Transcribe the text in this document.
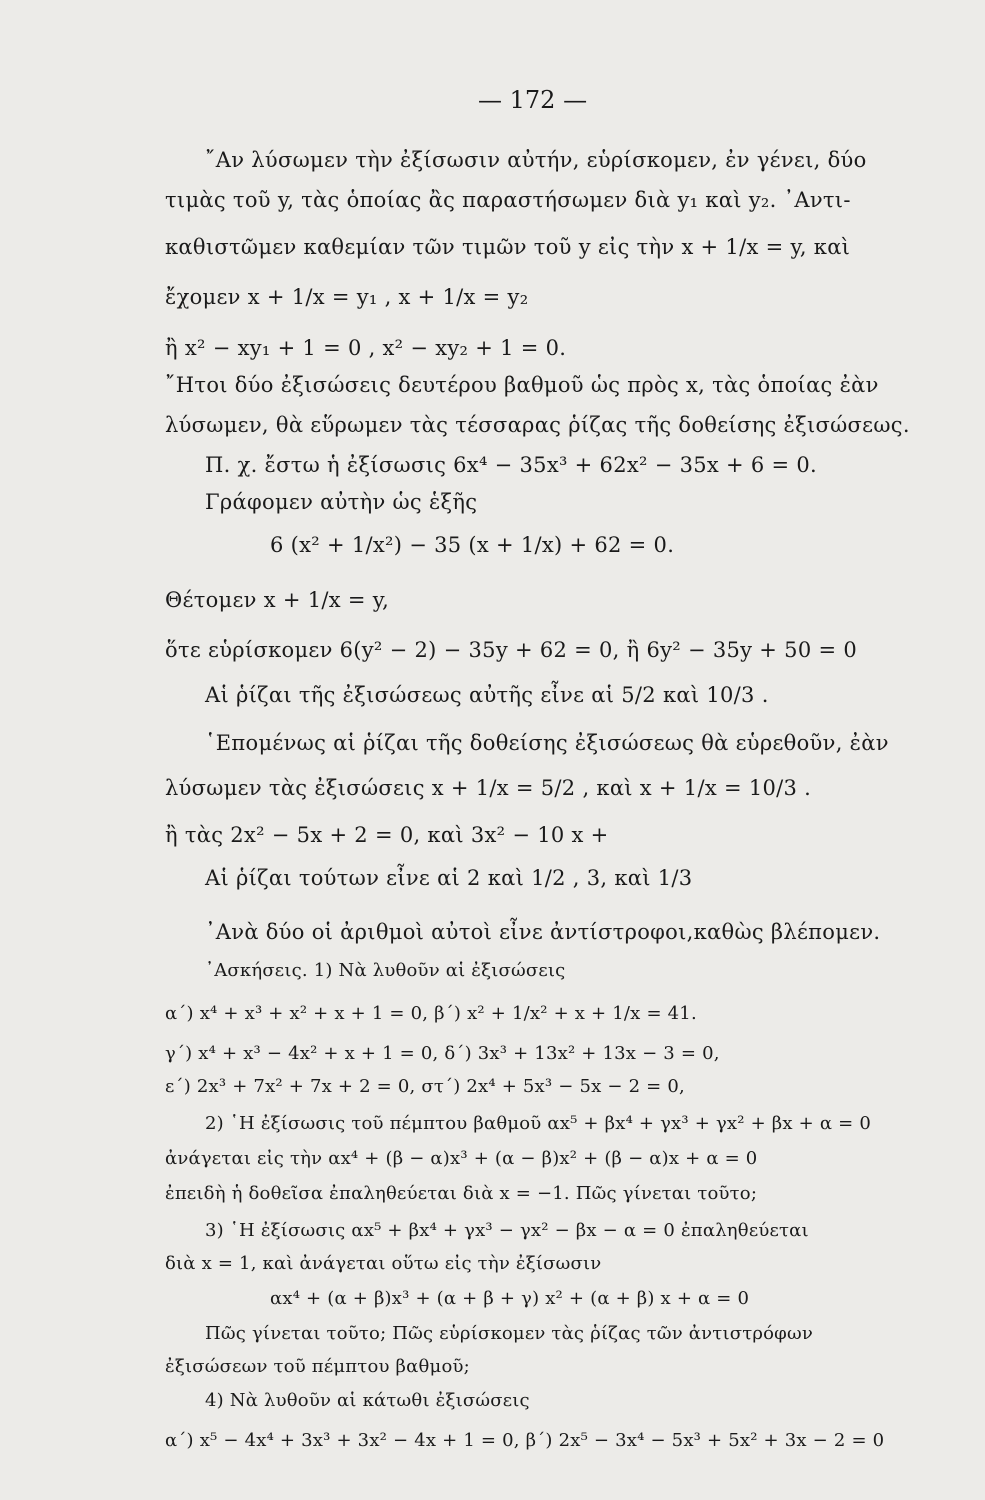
— 172 —
῎Αν λύσωμεν τὴν ἐξίσωσιν αὐτήν, εὑρίσκομεν, ἐν γένει, δύο
τιμὰς τοῦ y, τὰς ὁποίας ἂς παραστήσωμεν διὰ y₁ καὶ y₂. ᾿Αντι-
καθιστῶμεν καθεμίαν τῶν τιμῶν τοῦ y εἰς τὴν x + 1/x = y, καὶ
ἔχομεν x + 1/x = y₁ , x + 1/x = y₂
ἢ x² − xy₁ + 1 = 0 , x² − xy₂ + 1 = 0.
῎Ητοι δύο ἐξισώσεις δευτέρου βαθμοῦ ὡς πρὸς x, τὰς ὁποίας ἐὰν
λύσωμεν, θὰ εὕρωμεν τὰς τέσσαρας ῥίζας τῆς δοθείσης ἐξισώσεως.
Π. χ. ἔστω ἡ ἐξίσωσις 6x⁴ − 35x³ + 62x² − 35x + 6 = 0.
Γράφομεν αὐτὴν ὡς ἑξῆς
6 (x² + 1/x²) − 35 (x + 1/x) + 62 = 0.
Θέτομεν x + 1/x = y,
ὅτε εὑρίσκομεν 6(y² − 2) − 35y + 62 = 0, ἢ 6y² − 35y + 50 = 0
Αἱ ῥίζαι τῆς ἐξισώσεως αὐτῆς εἶνε αἱ 5/2 καὶ 10/3 .
῾Επομένως αἱ ῥίζαι τῆς δοθείσης ἐξισώσεως θὰ εὑρεθοῦν, ἐὰν
λύσωμεν τὰς ἐξισώσεις x + 1/x = 5/2 , καὶ x + 1/x = 10/3 .
ἢ τὰς 2x² − 5x + 2 = 0, καὶ 3x² − 10 x +
Αἱ ῥίζαι τούτων εἶνε αἱ 2 καὶ 1/2 , 3, καὶ 1/3
᾿Ανὰ δύο οἱ ἀριθμοὶ αὐτοὶ εἶνε ἀντίστροφοι,καθὼς βλέπομεν.
᾿Ασκήσεις. 1) Νὰ λυθοῦν αἱ ἐξισώσεις
α΄) x⁴ + x³ + x² + x + 1 = 0, β΄) x² + 1/x² + x + 1/x = 41.
γ΄) x⁴ + x³ − 4x² + x + 1 = 0, δ΄) 3x³ + 13x² + 13x − 3 = 0,
ε΄) 2x³ + 7x² + 7x + 2 = 0, στ΄) 2x⁴ + 5x³ − 5x − 2 = 0,
2) ῾Η ἐξίσωσις τοῦ πέμπτου βαθμοῦ αx⁵ + βx⁴ + γx³ + γx² + βx + α = 0
ἀνάγεται εἰς τὴν αx⁴ + (β − α)x³ + (α − β)x² + (β − α)x + α = 0
ἐπειδὴ ἡ δοθεῖσα ἐπαληθεύεται διὰ x = −1. Πῶς γίνεται τοῦτο;
3) ῾Η ἐξίσωσις αx⁵ + βx⁴ + γx³ − γx² − βx − α = 0 ἐπαληθεύεται
διὰ x = 1, καὶ ἀνάγεται οὕτω εἰς τὴν ἐξίσωσιν
αx⁴ + (α + β)x³ + (α + β + γ) x² + (α + β) x + α = 0
Πῶς γίνεται τοῦτο; Πῶς εὑρίσκομεν τὰς ῥίζας τῶν ἀντιστρόφων
ἐξισώσεων τοῦ πέμπτου βαθμοῦ;
4) Νὰ λυθοῦν αἱ κάτωθι ἐξισώσεις
α΄) x⁵ − 4x⁴ + 3x³ + 3x² − 4x + 1 = 0, β΄) 2x⁵ − 3x⁴ − 5x³ + 5x² + 3x − 2 = 0
